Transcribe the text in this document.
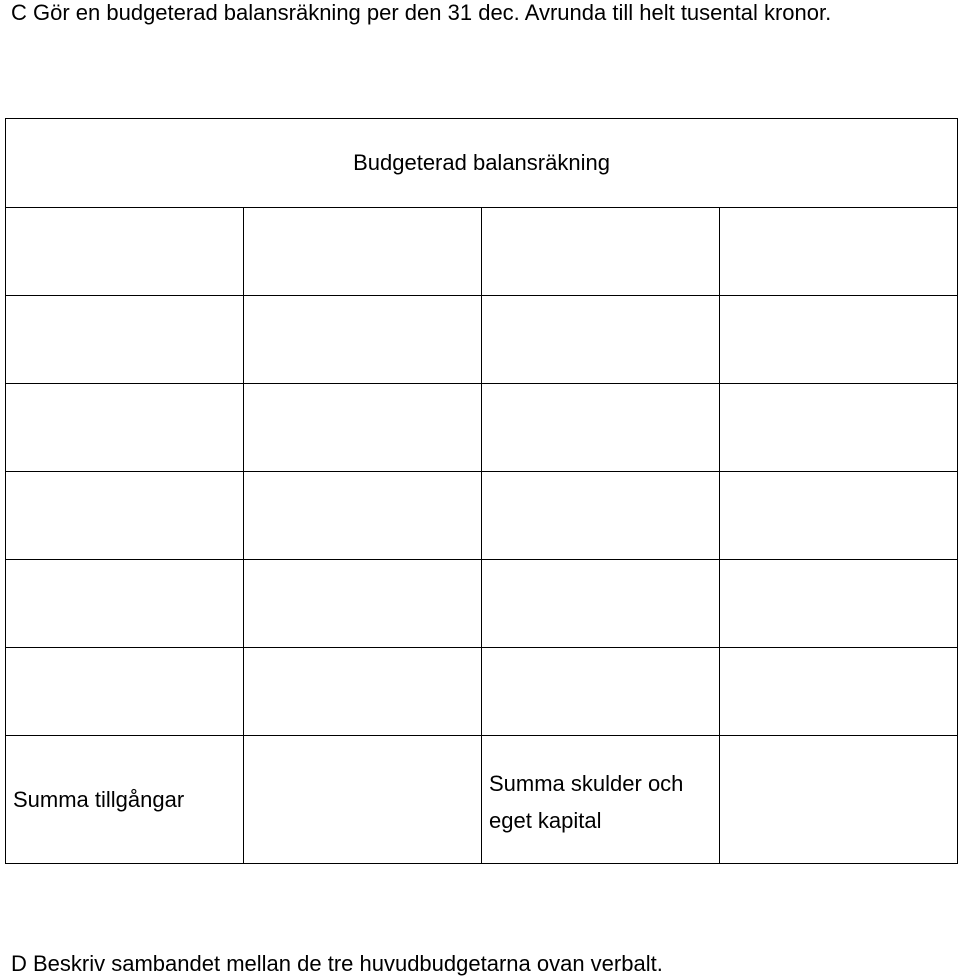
C Gör en budgeterad balansräkning per den 31 dec. Avrunda till helt tusental kronor.

Budgeterad balansräkning			

Summa tillgångar		Summa skulder och eget kapital	

D Beskriv sambandet mellan de tre huvudbudgetarna ovan verbalt.
